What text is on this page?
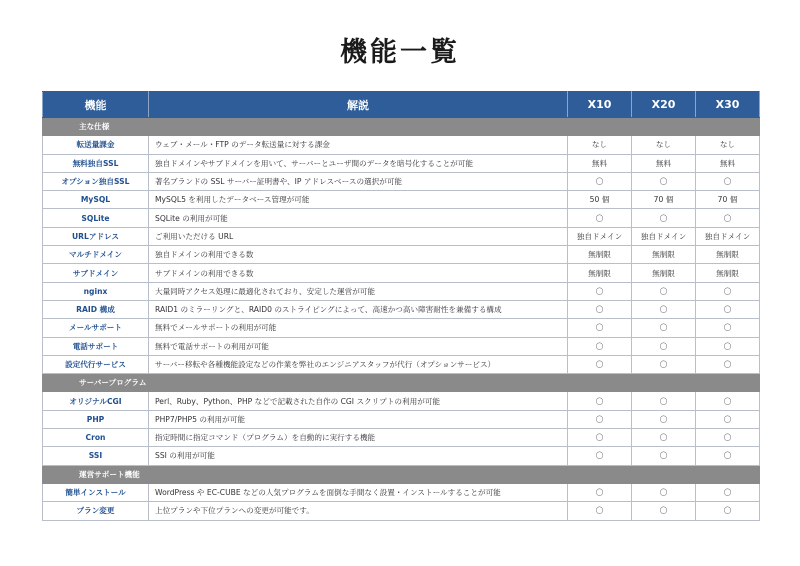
機能一覧
機能	解説	X10	X20	X30
主な仕様				
転送量課金	ウェブ・メール・FTP のデータ転送量に対する課金	なし	なし	なし
無料独自SSL	独自ドメインやサブドメインを用いて、サーバーとユーザ間のデータを暗号化することが可能	無料	無料	無料
オプション独自SSL	著名ブランドの SSL サーバー証明書や、IP アドレスベースの選択が可能	〇	〇	〇
MySQL	MySQL5 を利用したデータベース管理が可能	50 個	70 個	70 個
SQLite	SQLite の利用が可能	〇	〇	〇
URLアドレス	ご利用いただける URL	独自ドメイン	独自ドメイン	独自ドメイン
マルチドメイン	独自ドメインの利用できる数	無制限	無制限	無制限
サブドメイン	サブドメインの利用できる数	無制限	無制限	無制限
nginx	大量同時アクセス処理に最適化されており、安定した運営が可能	〇	〇	〇
RAID 構成	RAID1 のミラーリングと、RAID0 のストライピングによって、高速かつ高い障害耐性を兼備する構成	〇	〇	〇
メールサポート	無料でメールサポートの利用が可能	〇	〇	〇
電話サポート	無料で電話サポートの利用が可能	〇	〇	〇
設定代行サービス	サーバー移転や各種機能設定などの作業を弊社のエンジニアスタッフが代行（オプションサービス）	〇	〇	〇
サーバープログラム				
オリジナルCGI	Perl、Ruby、Python、PHP などで記載された自作の CGI スクリプトの利用が可能	〇	〇	〇
PHP	PHP7/PHP5 の利用が可能	〇	〇	〇
Cron	指定時間に指定コマンド（プログラム）を自動的に実行する機能	〇	〇	〇
SSI	SSI の利用が可能	〇	〇	〇
運営サポート機能				
簡単インストール	WordPress や EC-CUBE などの人気プログラムを面倒な手間なく設置・インストールすることが可能	〇	〇	〇
プラン変更	上位プランや下位プランへの変更が可能です。	〇	〇	〇
